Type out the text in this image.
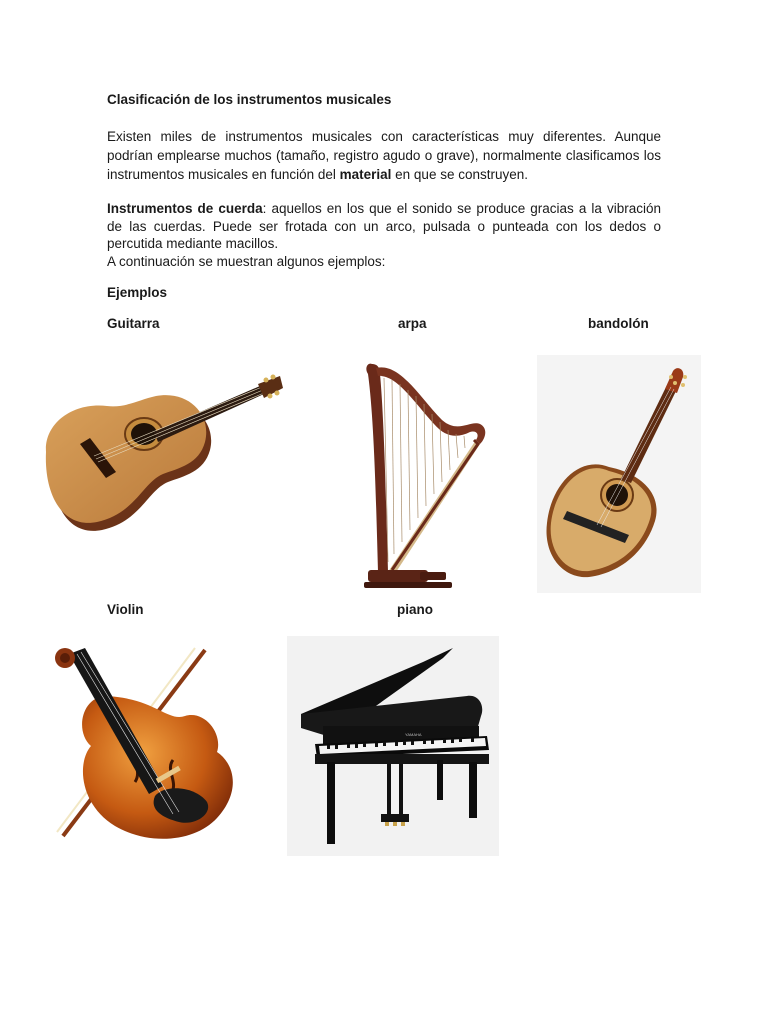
Clasificación de los instrumentos musicales

Existen miles de instrumentos musicales con características muy diferentes. Aunque podrían emplearse muchos (tamaño, registro agudo o grave), normalmente clasificamos los instrumentos musicales en función del material en que se construyen.

Instrumentos de cuerda: aquellos en los que el sonido se produce gracias a la vibración de las cuerdas. Puede ser frotada con un arco, pulsada o punteada con los dedos o percutida mediante macillos.
A continuación se muestran algunos ejemplos:

Ejemplos
Guitarra	arpa	bandolón
Violin	piano
YAMAHA
